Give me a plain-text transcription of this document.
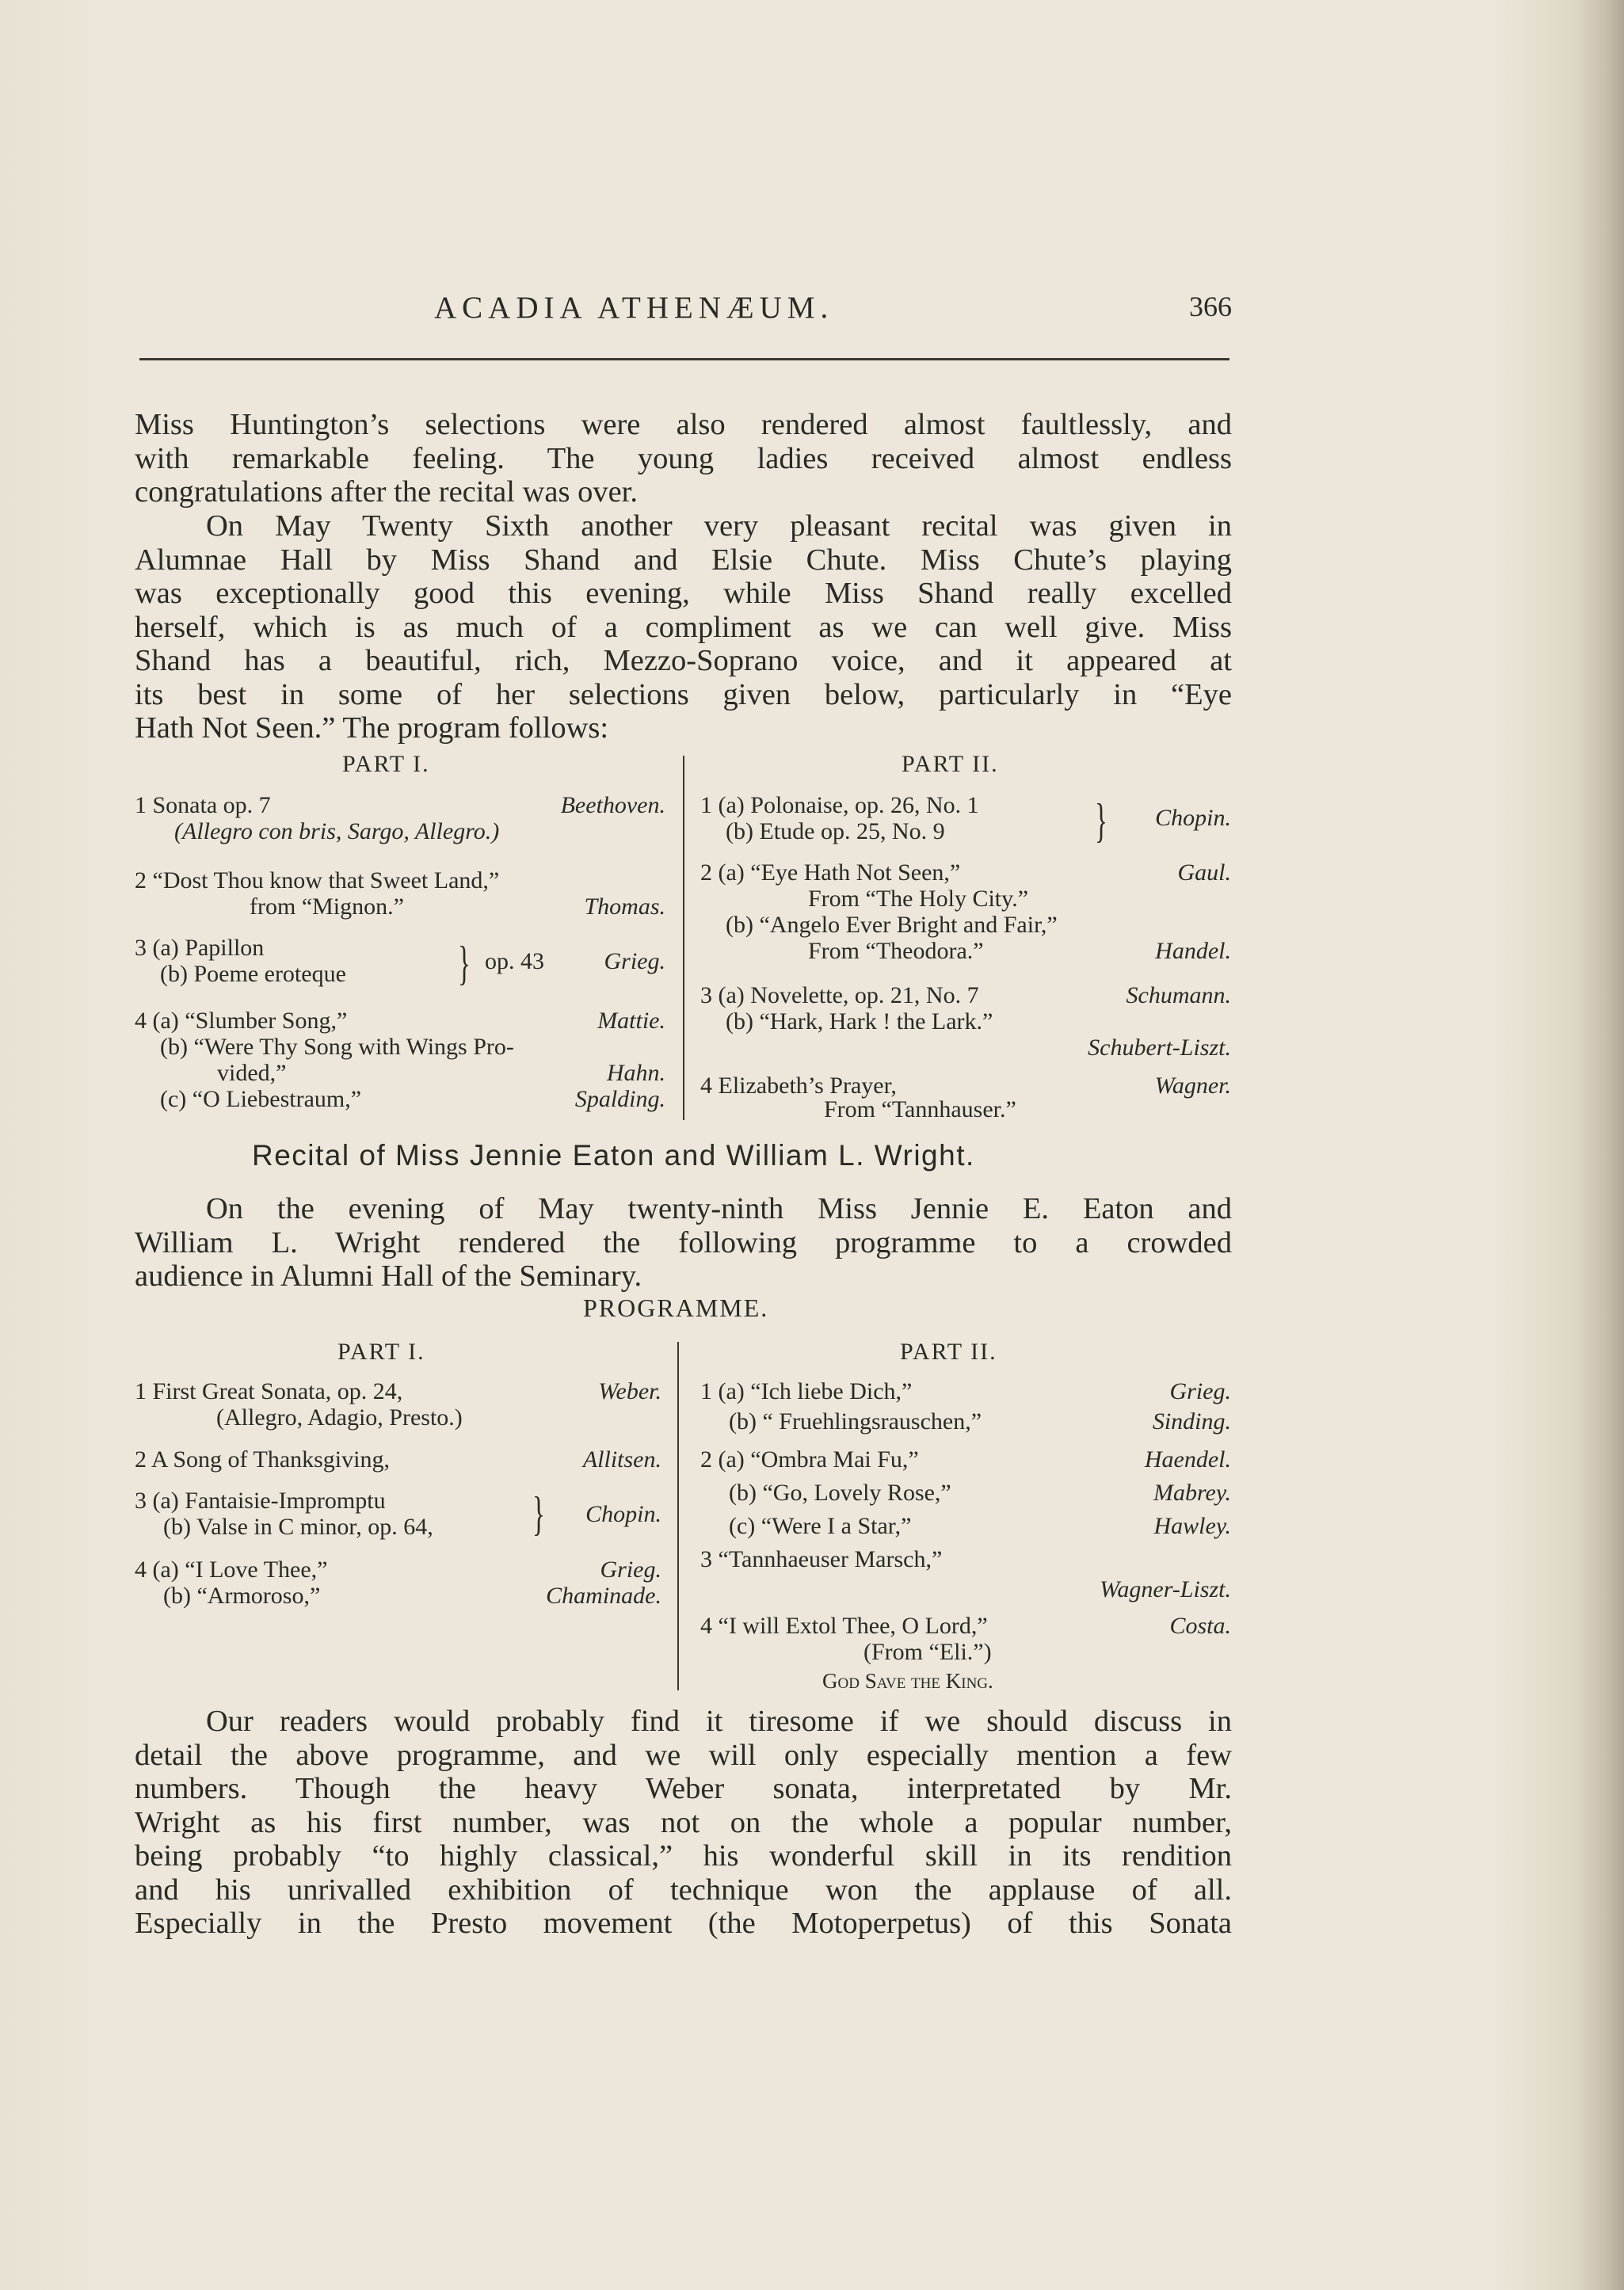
ACADIA ATHENÆUM.	366

Miss Huntington’s selections were also rendered almost faultlessly, and
with remarkable feeling. The young ladies received almost endless
congratulations after the recital was over.

On May Twenty Sixth another very pleasant recital was given in
Alumnae Hall by Miss Shand and Elsie Chute. Miss Chute’s playing
was exceptionally good this evening, while Miss Shand really excelled
herself, which is as much of a compliment as we can well give. Miss
Shand has a beautiful, rich, Mezzo-Soprano voice, and it appeared at
its best in some of her selections given below, particularly in “Eye
Hath Not Seen.” The program follows:

PART I.	PART II.
1 Sonata op. 7	Beethoven.
(Allegro con bris, Sargo, Allegro.)
2 “Dost Thou know that Sweet Land,”
from “Mignon.”	Thomas.
3 (a) Papillon
(b) Poeme eroteque } op. 43	Grieg.
4 (a) “Slumber Song,”	Mattie.
(b) “Were Thy Song with Wings Pro-
vided,”	Hahn.
(c) “O Liebestraum,”	Spalding.
1 (a) Polonaise, op. 26, No. 1
(b) Etude op. 25, No. 9	} Chopin.
2 (a) “Eye Hath Not Seen,”	Gaul.
From “The Holy City.”
(b) “Angelo Ever Bright and Fair,”
From “Theodora.”	Handel.
3 (a) Novelette, op. 21, No. 7	Schumann.
(b) “Hark, Hark ! the Lark.”
Schubert-Liszt.
4 Elizabeth’s Prayer,	Wagner.
From “Tannhauser.”
Recital of Miss Jennie Eaton and William L. Wright.

On the evening of May twenty-ninth Miss Jennie E. Eaton and
William L. Wright rendered the following programme to a crowded
audience in Alumni Hall of the Seminary.

PROGRAMME.
PART I.	PART II.
1 First Great Sonata, op. 24,	Weber.
(Allegro, Adagio, Presto.)
2 A Song of Thanksgiving,	Allitsen.
3 (a) Fantaisie-Impromptu
(b) Valse in C minor, op. 64, } Chopin.
4 (a) “I Love Thee,”	Grieg.
(b) “Armoroso,”	Chaminade.
1 (a) “Ich liebe Dich,”	Grieg.
(b) “ Fruehlingsrauschen,”	Sinding.
2 (a) “Ombra Mai Fu,”	Haendel.
(b) “Go, Lovely Rose,”	Mabrey.
(c) “Were I a Star,”	Hawley.
3 “Tannhaeuser Marsch,”
Wagner-Liszt.
4 “I will Extol Thee, O Lord,”	Costa.
(From “Eli.”)
God Save the King.

Our readers would probably find it tiresome if we should discuss in
detail the above programme, and we will only especially mention a few
numbers. Though the heavy Weber sonata, interpretated by Mr.
Wright as his first number, was not on the whole a popular number,
being probably “to highly classical,” his wonderful skill in its rendition
and his unrivalled exhibition of technique won the applause of all.
Especially in the Presto movement (the Motoperpetus) of this Sonata
